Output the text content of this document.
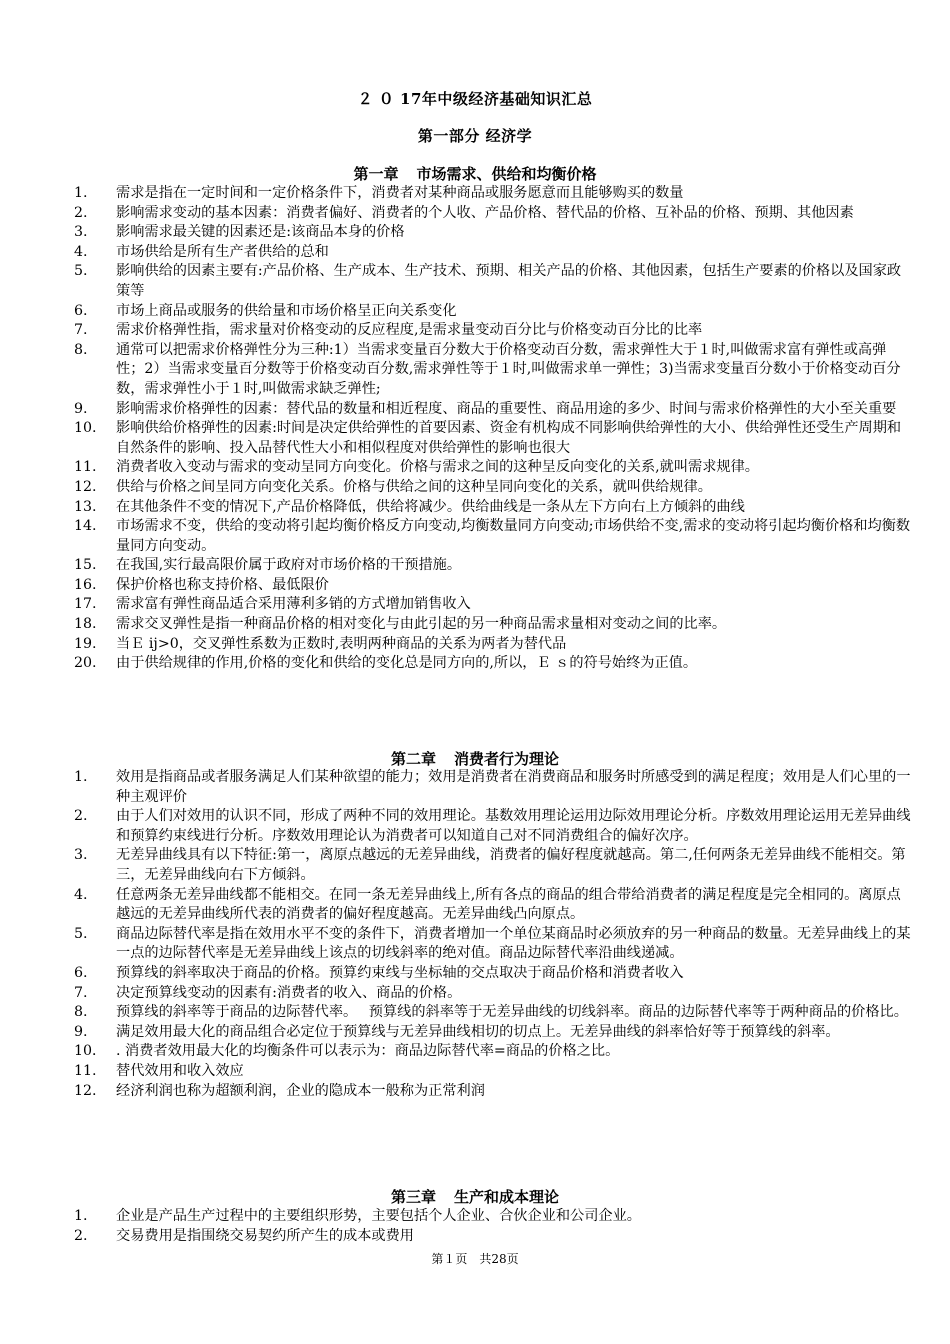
２ ０ 17年中级经济基础知识汇总
第一部分 经济学
第一章 市场需求、供给和均衡价格
1.	需求是指在一定时间和一定价格条件下，消费者对某种商品或服务愿意而且能够购买的数量
2.	影响需求变动的基本因素：消费者偏好、消费者的个人收、产品价格、替代品的价格、互补品的价格、预期、其他因素
3.	影响需求最关键的因素还是:该商品本身的价格
4.	市场供给是所有生产者供给的总和
5.	影响供给的因素主要有:产品价格、生产成本、生产技术、预期、相关产品的价格、其他因素，包括生产要素的价格以及国家政策等
6.	市场上商品或服务的供给量和市场价格呈正向关系变化
7.	需求价格弹性指，需求量对价格变动的反应程度,是需求量变动百分比与价格变动百分比的比率
8.	通常可以把需求价格弹性分为三种:1）当需求变量百分数大于价格变动百分数，需求弹性大于１时,叫做需求富有弹性或高弹性；2）当需求变量百分数等于价格变动百分数,需求弹性等于１时,叫做需求单一弹性；3)当需求变量百分数小于价格变动百分数，需求弹性小于１时,叫做需求缺乏弹性;
9.	影响需求价格弹性的因素：替代品的数量和相近程度、商品的重要性、商品用途的多少、时间与需求价格弹性的大小至关重要
10.	影响供给价格弹性的因素:时间是决定供给弹性的首要因素、资金有机构成不同影响供给弹性的大小、供给弹性还受生产周期和自然条件的影响、投入品替代性大小和相似程度对供给弹性的影响也很大
11.	消费者收入变动与需求的变动呈同方向变化。价格与需求之间的这种呈反向变化的关系,就叫需求规律。
12.	供给与价格之间呈同方向变化关系。价格与供给之间的这种呈同向变化的关系，就叫供给规律。
13.	在其他条件不变的情况下,产品价格降低，供给将减少。供给曲线是一条从左下方向右上方倾斜的曲线
14.	市场需求不变，供给的变动将引起均衡价格反方向变动,均衡数量同方向变动;市场供给不变,需求的变动将引起均衡价格和均衡数量同方向变动。
15.	在我国,实行最高限价属于政府对市场价格的干预措施。
16.	保护价格也称支持价格、最低限价
17.	需求富有弹性商品适合采用薄利多销的方式增加销售收入
18.	需求交叉弹性是指一种商品价格的相对变化与由此引起的另一种商品需求量相对变动之间的比率。
19.	当Ｅ ij>0，交叉弹性系数为正数时,表明两种商品的关系为两者为替代品
20.	由于供给规律的作用,价格的变化和供给的变化总是同方向的,所以，Ｅ ｓ的符号始终为正值。
第二章 消费者行为理论
1.	效用是指商品或者服务满足人们某种欲望的能力；效用是消费者在消费商品和服务时所感受到的满足程度；效用是人们心里的一种主观评价
2.	由于人们对效用的认识不同，形成了两种不同的效用理论。基数效用理论运用边际效用理论分析。序数效用理论运用无差异曲线和预算约束线进行分析。序数效用理论认为消费者可以知道自己对不同消费组合的偏好次序。
3.	无差异曲线具有以下特征:第一，离原点越远的无差异曲线，消费者的偏好程度就越高。第二,任何两条无差异曲线不能相交。第三，无差异曲线向右下方倾斜。
4.	任意两条无差异曲线都不能相交。在同一条无差异曲线上,所有各点的商品的组合带给消费者的满足程度是完全相同的。离原点越远的无差异曲线所代表的消费者的偏好程度越高。无差异曲线凸向原点。
5.	商品边际替代率是指在效用水平不变的条件下，消费者增加一个单位某商品时必须放弃的另一种商品的数量。无差异曲线上的某一点的边际替代率是无差异曲线上该点的切线斜率的绝对值。商品边际替代率沿曲线递减。
6.	预算线的斜率取决于商品的价格。预算约束线与坐标轴的交点取决于商品价格和消费者收入
7.	决定预算线变动的因素有:消费者的收入、商品的价格。
8.	预算线的斜率等于商品的边际替代率。　 预算线的斜率等于无差异曲线的切线斜率。商品的边际替代率等于两种商品的价格比。
9.	满足效用最大化的商品组合必定位于预算线与无差异曲线相切的切点上。无差异曲线的斜率恰好等于预算线的斜率。
10． . 消费者效用最大化的均衡条件可以表示为：商品边际替代率=商品的价格之比。
11.	替代效用和收入效应
12.	经济利润也称为超额利润，企业的隐成本一般称为正常利润
第三章 生产和成本理论
1.	企业是产品生产过程中的主要组织形势，主要包括个人企业、合伙企业和公司企业。
2.	交易费用是指围绕交易契约所产生的成本或费用
第１页　共28页
